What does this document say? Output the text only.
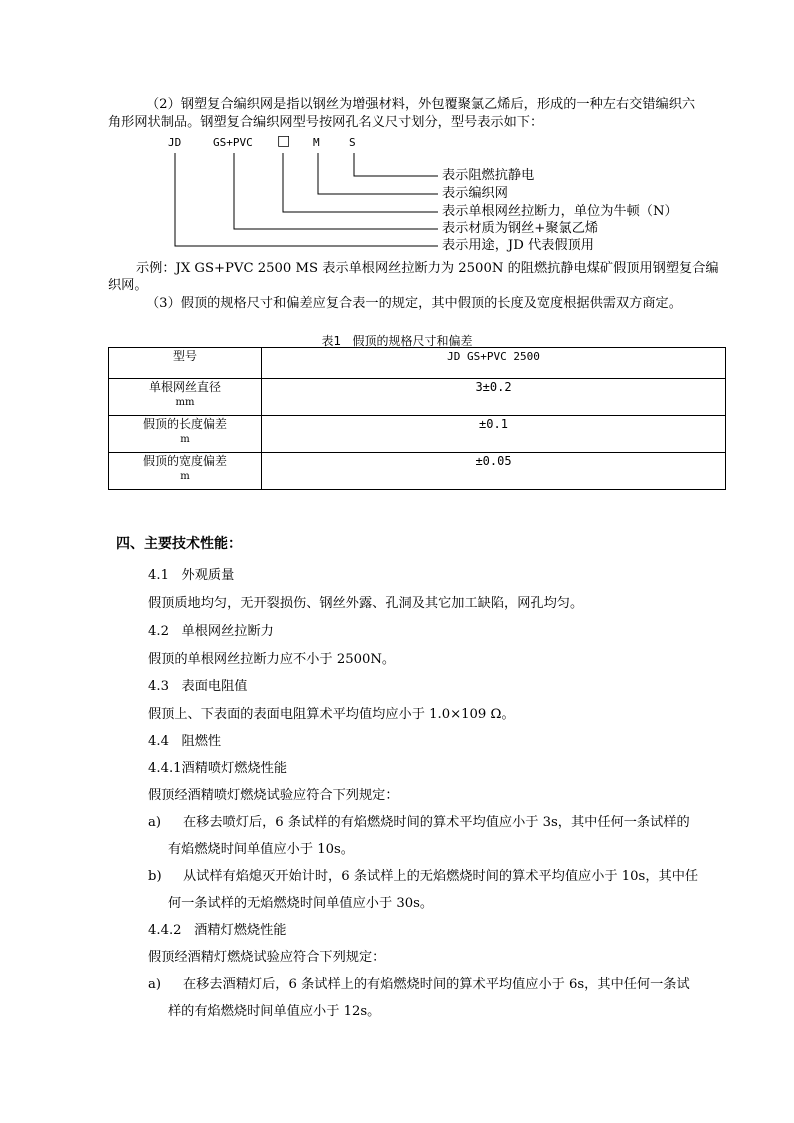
（2）钢塑复合编织网是指以钢丝为增强材料，外包覆聚氯乙烯后，形成的一种左右交错编织六
角形网状制品。钢塑复合编织网型号按网孔名义尺寸划分，型号表示如下：
JD	GS+PVC □ M	S
表示阻燃抗静电
表示编织网
表示单根网丝拉断力，单位为牛顿（N）
表示材质为钢丝+聚氯乙烯
表示用途，JD 代表假顶用
示例：JX GS+PVC 2500 MS 表示单根网丝拉断力为 2500N 的阻燃抗静电煤矿假顶用钢塑复合编
织网。
（3）假顶的规格尺寸和偏差应复合表一的规定，其中假顶的长度及宽度根据供需双方商定。
表1   假顶的规格尺寸和偏差
型号	JD GS+PVC 2500

单根网丝直径
mm	3±0.2

假顶的长度偏差
m	±0.1

假顶的宽度偏差
m	±0.05
四、主要技术性能：
4.1   外观质量
假顶质地均匀，无开裂损伤、钢丝外露、孔洞及其它加工缺陷，网孔均匀。
4.2   单根网丝拉断力
假顶的单根网丝拉断力应不小于 2500N。
4.3   表面电阻值
假顶上、下表面的表面电阻算术平均值均应小于 1.0×109 Ω。
4.4   阻燃性
4.4.1酒精喷灯燃烧性能
假顶经酒精喷灯燃烧试验应符合下列规定：
a) 在移去喷灯后，6 条试样的有焰燃烧时间的算术平均值应小于 3s，其中任何一条试样的
有焰燃烧时间单值应小于 10s。
b) 从试样有焰熄灭开始计时，6 条试样上的无焰燃烧时间的算术平均值应小于 10s，其中任
何一条试样的无焰燃烧时间单值应小于 30s。
4.4.2   酒精灯燃烧性能
假顶经酒精灯燃烧试验应符合下列规定：
a) 在移去酒精灯后，6 条试样上的有焰燃烧时间的算术平均值应小于 6s，其中任何一条试
样的有焰燃烧时间单值应小于 12s。
